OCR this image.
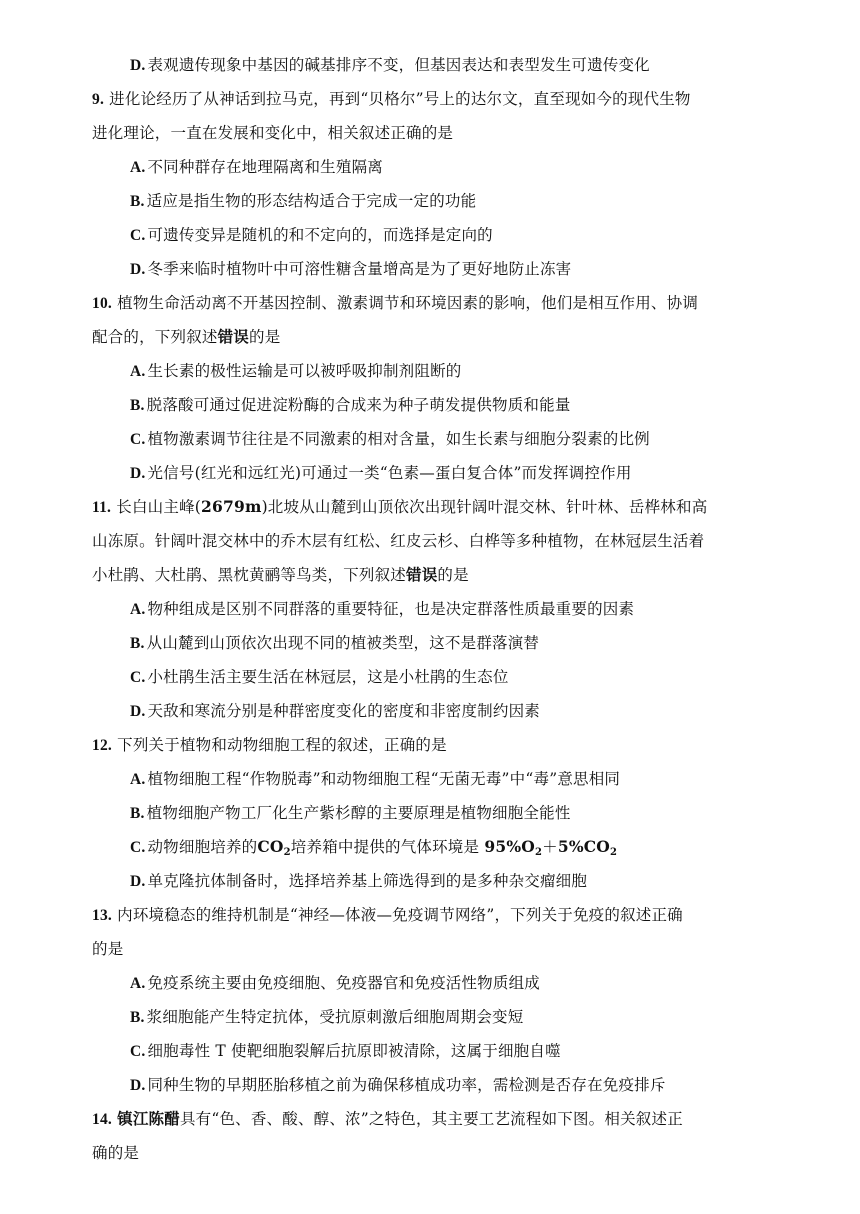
D. 表观遗传现象中基因的碱基排序不变，但基因表达和表型发生可遗传变化
9. 进化论经历了从神话到拉马克，再到“贝格尔”号上的达尔文，直至现如今的现代生物
进化理论，一直在发展和变化中，相关叙述正确的是
A. 不同种群存在地理隔离和生殖隔离
B. 适应是指生物的形态结构适合于完成一定的功能
C. 可遗传变异是随机的和不定向的，而选择是定向的
D. 冬季来临时植物叶中可溶性糖含量增高是为了更好地防止冻害
10. 植物生命活动离不开基因控制、激素调节和环境因素的影响，他们是相互作用、协调
配合的，下列叙述错误的是
A. 生长素的极性运输是可以被呼吸抑制剂阻断的
B. 脱落酸可通过促进淀粉酶的合成来为种子萌发提供物质和能量
C. 植物激素调节往往是不同激素的相对含量，如生长素与细胞分裂素的比例
D. 光信号(红光和远红光)可通过一类“色素—蛋白复合体”而发挥调控作用
11. 长白山主峰(2679m)北坡从山麓到山顶依次出现针阔叶混交林、针叶林、岳桦林和高
山冻原。针阔叶混交林中的乔木层有红松、红皮云杉、白桦等多种植物，在林冠层生活着
小杜鹃、大杜鹃、黑枕黄鹂等鸟类，下列叙述错误的是
A. 物种组成是区别不同群落的重要特征，也是决定群落性质最重要的因素
B. 从山麓到山顶依次出现不同的植被类型，这不是群落演替
C. 小杜鹃生活主要生活在林冠层，这是小杜鹃的生态位
D. 天敌和寒流分别是种群密度变化的密度和非密度制约因素
12. 下列关于植物和动物细胞工程的叙述，正确的是
A. 植物细胞工程“作物脱毒”和动物细胞工程“无菌无毒”中“毒”意思相同
B. 植物细胞产物工厂化生产紫杉醇的主要原理是植物细胞全能性
C. 动物细胞培养的$CO_2$培养箱中提供的气体环境是 $95\%O_2+5\%CO_2$
D. 单克隆抗体制备时，选择培养基上筛选得到的是多种杂交瘤细胞
13. 内环境稳态的维持机制是“神经—体液—免疫调节网络”，下列关于免疫的叙述正确
的是
A. 免疫系统主要由免疫细胞、免疫器官和免疫活性物质组成
B. 浆细胞能产生特定抗体，受抗原刺激后细胞周期会变短
C. 细胞毒性 T 使靶细胞裂解后抗原即被清除，这属于细胞自噬
D. 同种生物的早期胚胎移植之前为确保移植成功率，需检测是否存在免疫排斥
14. 镇江陈醋具有“色、香、酸、醇、浓”之特色，其主要工艺流程如下图。相关叙述正
确的是
